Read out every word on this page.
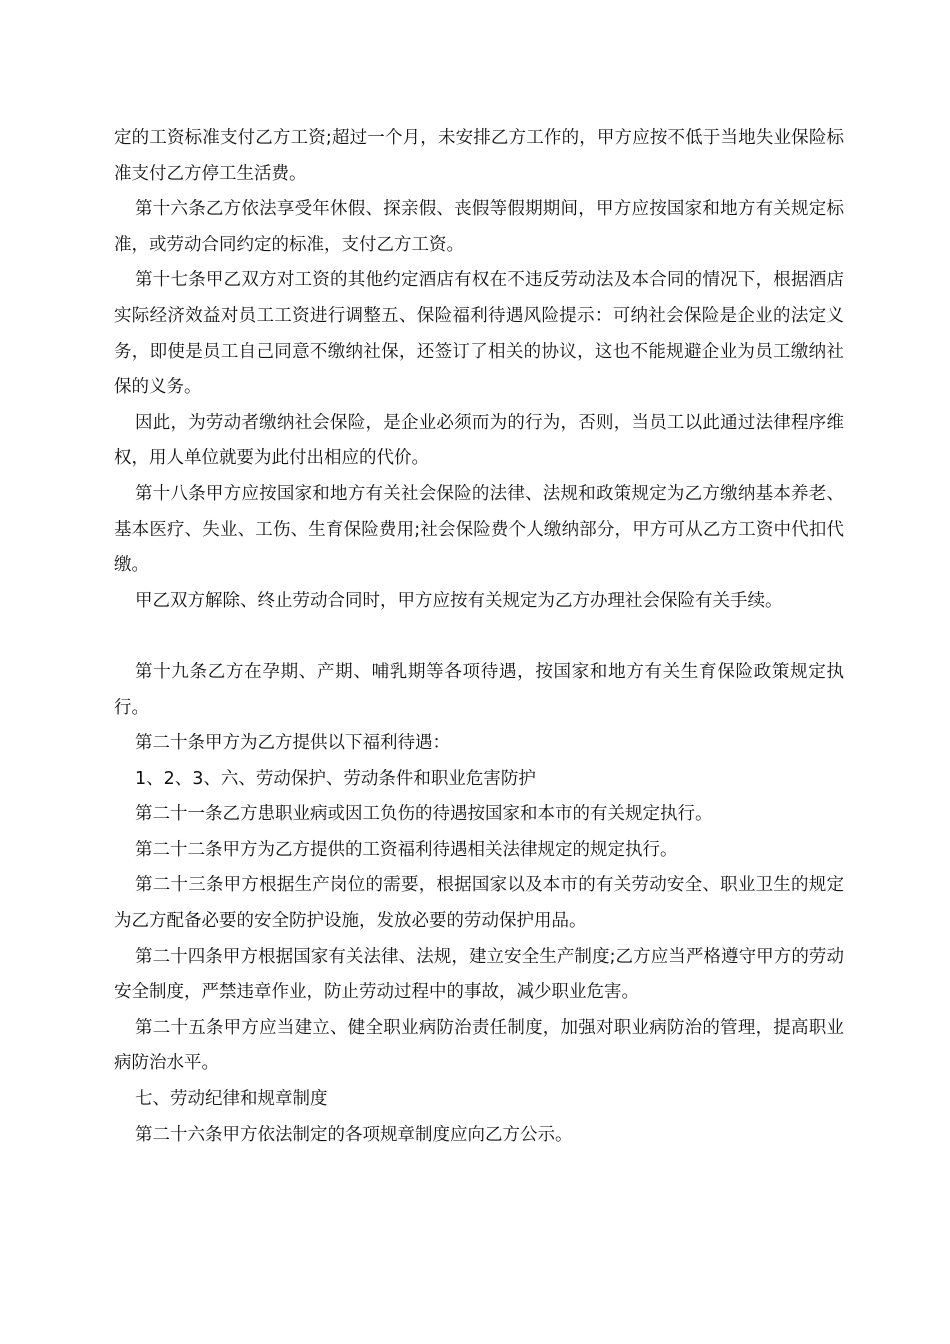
定的工资标准支付乙方工资;超过一个月，未安排乙方工作的，甲方应按不低于当地失业保险标准支付乙方停工生活费。

第十六条乙方依法享受年休假、探亲假、丧假等假期期间，甲方应按国家和地方有关规定标准，或劳动合同约定的标准，支付乙方工资。

第十七条甲乙双方对工资的其他约定酒店有权在不违反劳动法及本合同的情况下，根据酒店实际经济效益对员工工资进行调整五、保险福利待遇风险提示：可纳社会保险是企业的法定义务，即使是员工自己同意不缴纳社保，还签订了相关的协议，这也不能规避企业为员工缴纳社保的义务。

因此，为劳动者缴纳社会保险，是企业必须而为的行为，否则，当员工以此通过法律程序维权，用人单位就要为此付出相应的代价。

第十八条甲方应按国家和地方有关社会保险的法律、法规和政策规定为乙方缴纳基本养老、基本医疗、失业、工伤、生育保险费用;社会保险费个人缴纳部分，甲方可从乙方工资中代扣代缴。

甲乙双方解除、终止劳动合同时，甲方应按有关规定为乙方办理社会保险有关手续。

第十九条乙方在孕期、产期、哺乳期等各项待遇，按国家和地方有关生育保险政策规定执行。

第二十条甲方为乙方提供以下福利待遇：

1、2、3、六、劳动保护、劳动条件和职业危害防护

第二十一条乙方患职业病或因工负伤的待遇按国家和本市的有关规定执行。

第二十二条甲方为乙方提供的工资福利待遇相关法律规定的规定执行。

第二十三条甲方根据生产岗位的需要，根据国家以及本市的有关劳动安全、职业卫生的规定为乙方配备必要的安全防护设施，发放必要的劳动保护用品。

第二十四条甲方根据国家有关法律、法规，建立安全生产制度;乙方应当严格遵守甲方的劳动安全制度，严禁违章作业，防止劳动过程中的事故，减少职业危害。

第二十五条甲方应当建立、健全职业病防治责任制度，加强对职业病防治的管理，提高职业病防治水平。

七、劳动纪律和规章制度

第二十六条甲方依法制定的各项规章制度应向乙方公示。
